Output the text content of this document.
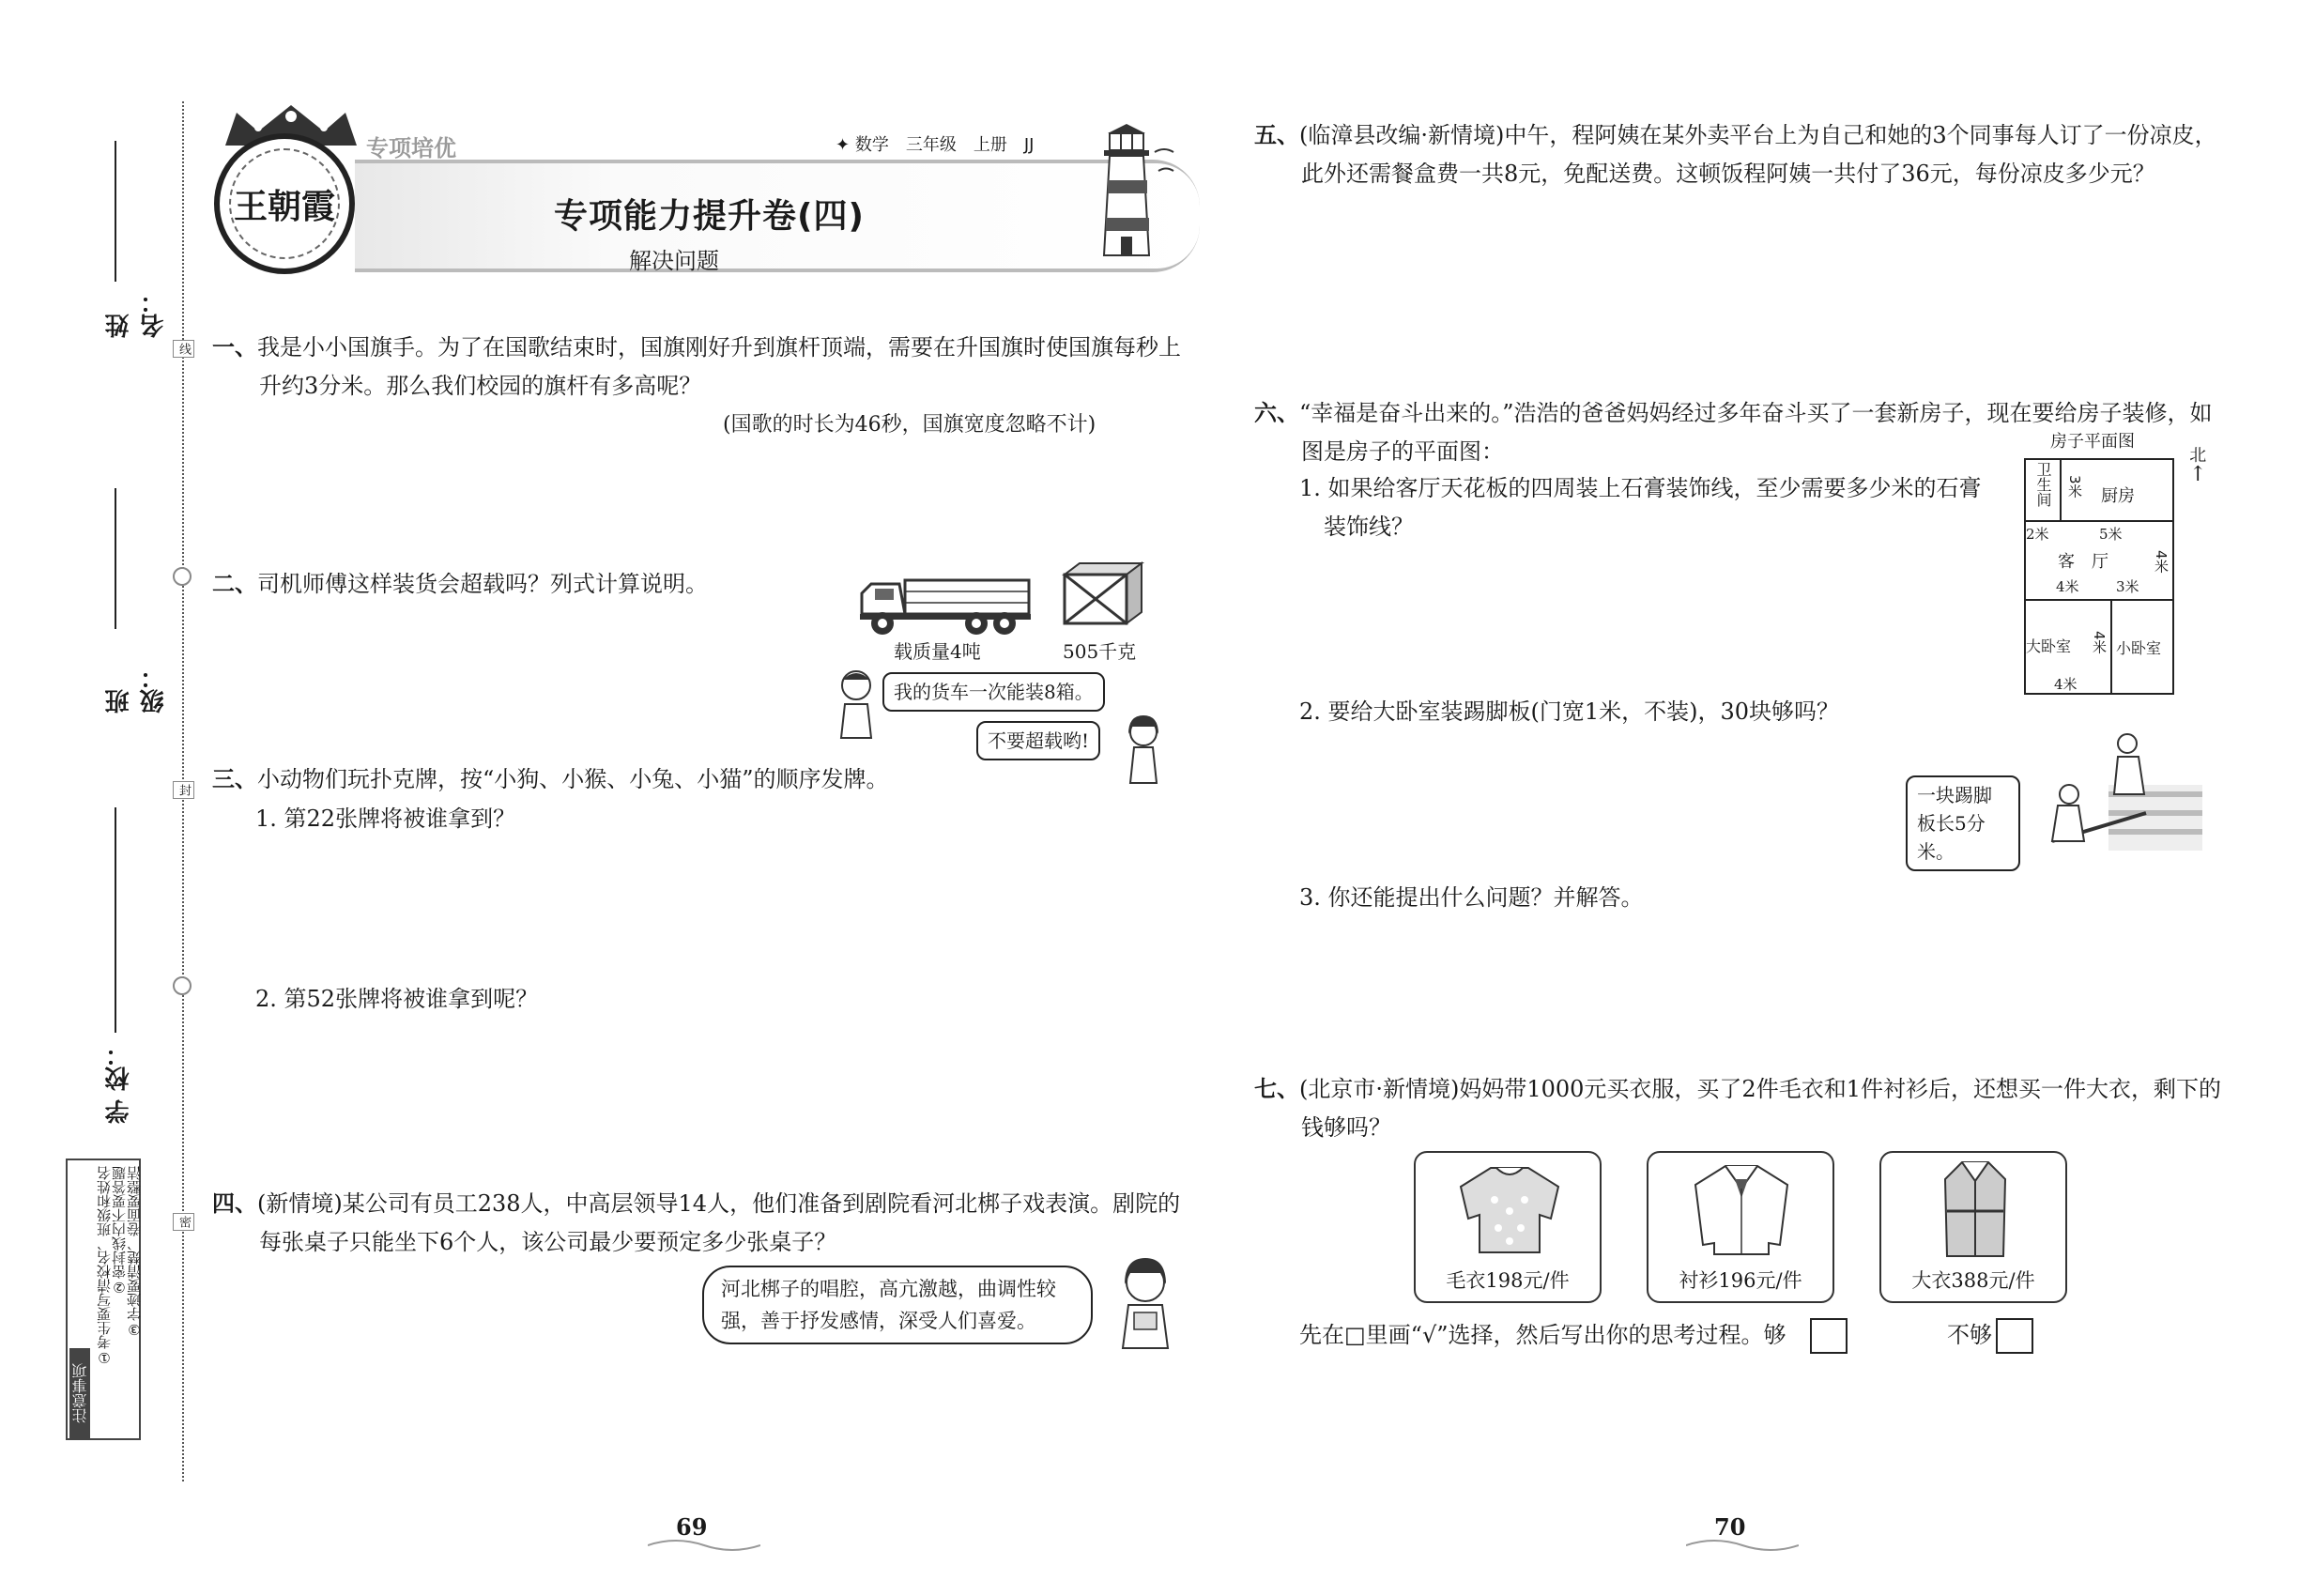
线
封
密
姓 名：
班 级：
学 校：
注意事项
①考生要写清校名、班级和姓名
②密封线内不要答题
③字迹要清楚、卷面要整洁
王朝霞
专项培优	✦ 数学　三年级　上册　JJ
专项能力提升卷(四)
解决问题
一、我是小小国旗手。为了在国歌结束时，国旗刚好升到旗杆顶端，需要在升国旗时使国旗每秒上升约3分米。那么我们校园的旗杆有多高呢？
(国歌的时长为46秒，国旗宽度忽略不计)
二、司机师傅这样装货会超载吗？列式计算说明。
载质量4吨	505千克
我的货车一次能装8箱。
不要超载哟!
三、小动物们玩扑克牌，按“小狗、小猴、小兔、小猫”的顺序发牌。
1. 第22张牌将被谁拿到？
2. 第52张牌将被谁拿到呢？
四、(新情境)某公司有员工238人，中高层领导14人，他们准备到剧院看河北梆子戏表演。剧院的每张桌子只能坐下6个人，该公司最少要预定多少张桌子？
河北梆子的唱腔，高亢激越，曲调性较强，善于抒发感情，深受人们喜爱。
69
五、(临漳县改编·新情境)中午，程阿姨在某外卖平台上为自己和她的3个同事每人订了一份凉皮，此外还需餐盒费一共8元，免配送费。这顿饭程阿姨一共付了36元，每份凉皮多少元？
六、“幸福是奋斗出来的。”浩浩的爸爸妈妈经过多年奋斗买了一套新房子，现在要给房子装修，如图是房子的平面图：
1. 如果给客厅天花板的四周装上石膏装饰线，至少需要多少米的石膏装饰线？
2. 要给大卧室装踢脚板(门宽1米，不装)，30块够吗？
3. 你还能提出什么问题？并解答。
房子平面图
北
↑
卫生间 3米 厨房
2米	5米
客　厅	4米
4米	3米
大卧室 4米
4米
小卧室
一块踢脚板长5分米。
七、(北京市·新情境)妈妈带1000元买衣服，买了2件毛衣和1件衬衫后，还想买一件大衣，剩下的钱够吗？
毛衣198元/件	衬衫196元/件	大衣388元/件
先在□里画“√”选择，然后写出你的思考过程。够	不够
70
